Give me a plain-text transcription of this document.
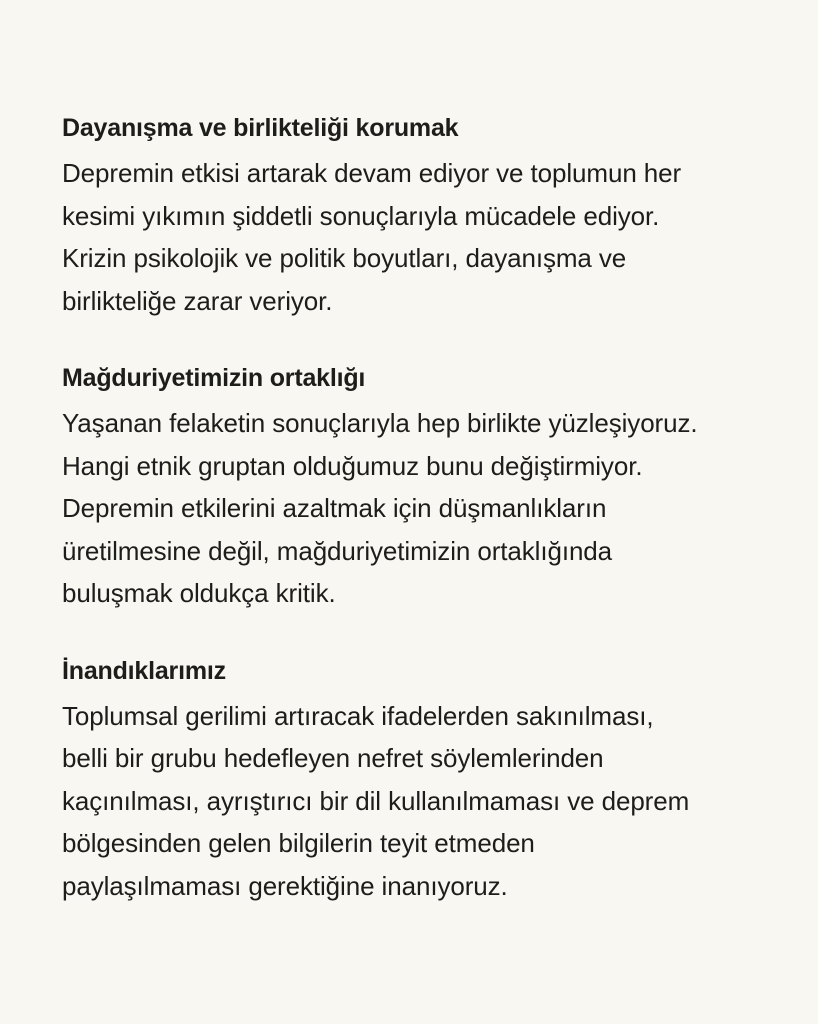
Dayanışma ve birlikteliği korumak
Depremin etkisi artarak devam ediyor ve toplumun her
kesimi yıkımın şiddetli sonuçlarıyla mücadele ediyor.
Krizin psikolojik ve politik boyutları, dayanışma ve
birlikteliğe zarar veriyor.
Mağduriyetimizin ortaklığı
Yaşanan felaketin sonuçlarıyla hep birlikte yüzleşiyoruz.
Hangi etnik gruptan olduğumuz bunu değiştirmiyor.
Depremin etkilerini azaltmak için düşmanlıkların
üretilmesine değil, mağduriyetimizin ortaklığında
buluşmak oldukça kritik.
İnandıklarımız
Toplumsal gerilimi artıracak ifadelerden sakınılması,
belli bir grubu hedefleyen nefret söylemlerinden
kaçınılması, ayrıştırıcı bir dil kullanılmaması ve deprem
bölgesinden gelen bilgilerin teyit etmeden
paylaşılmaması gerektiğine inanıyoruz.
